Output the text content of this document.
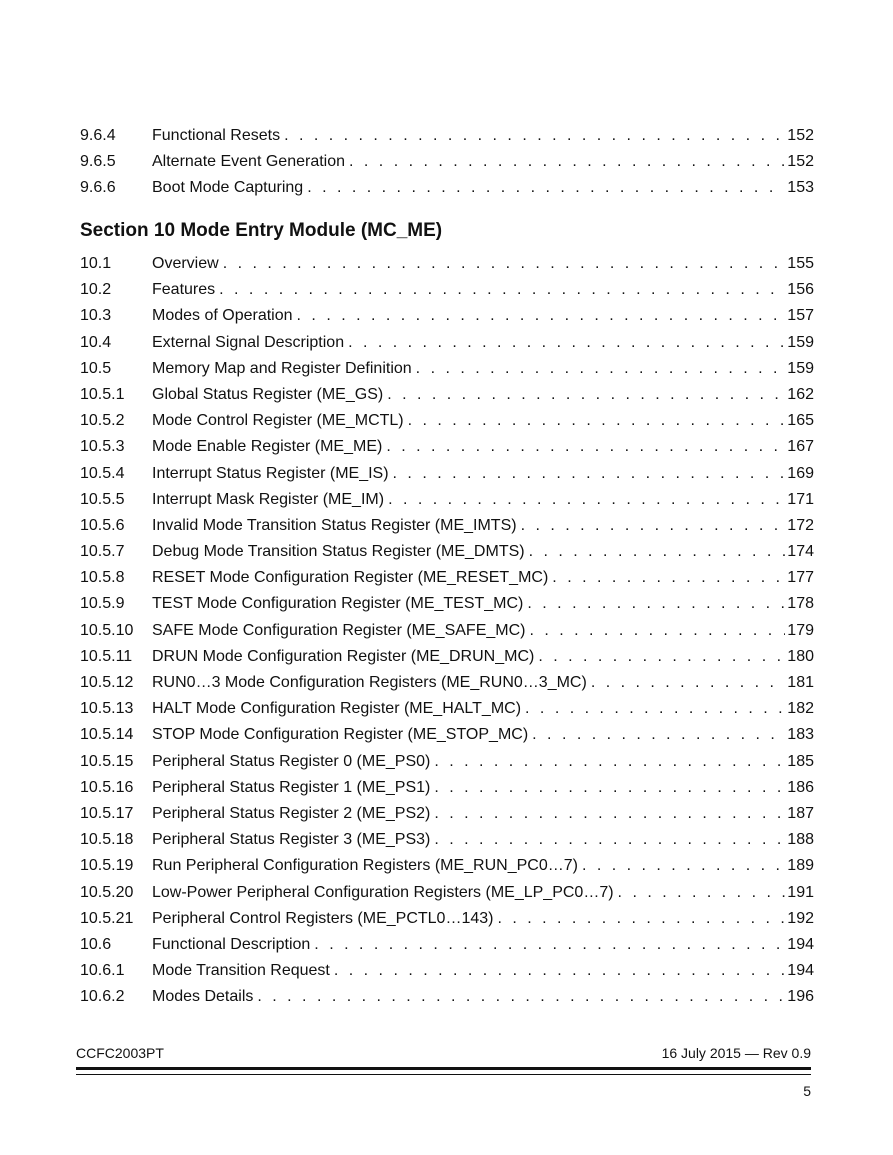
9.6.4	Functional Resets . . .	152
9.6.5	Alternate Event Generation . . .	152
9.6.6	Boot Mode Capturing . . .	153
Section 10 Mode Entry Module (MC_ME)
10.1	Overview . . .	155
10.2	Features . . .	156
10.3	Modes of Operation . . .	157
10.4	External Signal Description . . .	159
10.5	Memory Map and Register Definition . . .	159
10.5.1	Global Status Register (ME_GS) . . .	162
10.5.2	Mode Control Register (ME_MCTL) . . .	165
10.5.3	Mode Enable Register (ME_ME) . . .	167
10.5.4	Interrupt Status Register (ME_IS) . . .	169
10.5.5	Interrupt Mask Register (ME_IM) . . .	171
10.5.6	Invalid Mode Transition Status Register (ME_IMTS) . . .	172
10.5.7	Debug Mode Transition Status Register (ME_DMTS) . . .	174
10.5.8	RESET Mode Configuration Register (ME_RESET_MC) . . .	177
10.5.9	TEST Mode Configuration Register (ME_TEST_MC) . . .	178
10.5.10	SAFE Mode Configuration Register (ME_SAFE_MC) . . .	179
10.5.11	DRUN Mode Configuration Register (ME_DRUN_MC) . . .	180
10.5.12	RUN0…3 Mode Configuration Registers (ME_RUN0…3_MC) . . .	181
10.5.13	HALT Mode Configuration Register (ME_HALT_MC) . . .	182
10.5.14	STOP Mode Configuration Register (ME_STOP_MC) . . .	183
10.5.15	Peripheral Status Register 0 (ME_PS0) . . .	185
10.5.16	Peripheral Status Register 1 (ME_PS1) . . .	186
10.5.17	Peripheral Status Register 2 (ME_PS2) . . .	187
10.5.18	Peripheral Status Register 3 (ME_PS3) . . .	188
10.5.19	Run Peripheral Configuration Registers (ME_RUN_PC0…7) . . .	189
10.5.20	Low-Power Peripheral Configuration Registers (ME_LP_PC0…7) . . .	191
10.5.21	Peripheral Control Registers (ME_PCTL0…143) . . .	192
10.6	Functional Description . . .	194
10.6.1	Mode Transition Request . . .	194
10.6.2	Modes Details . . .	196
CCFC2003PT	16 July 2015 — Rev 0.9
5
